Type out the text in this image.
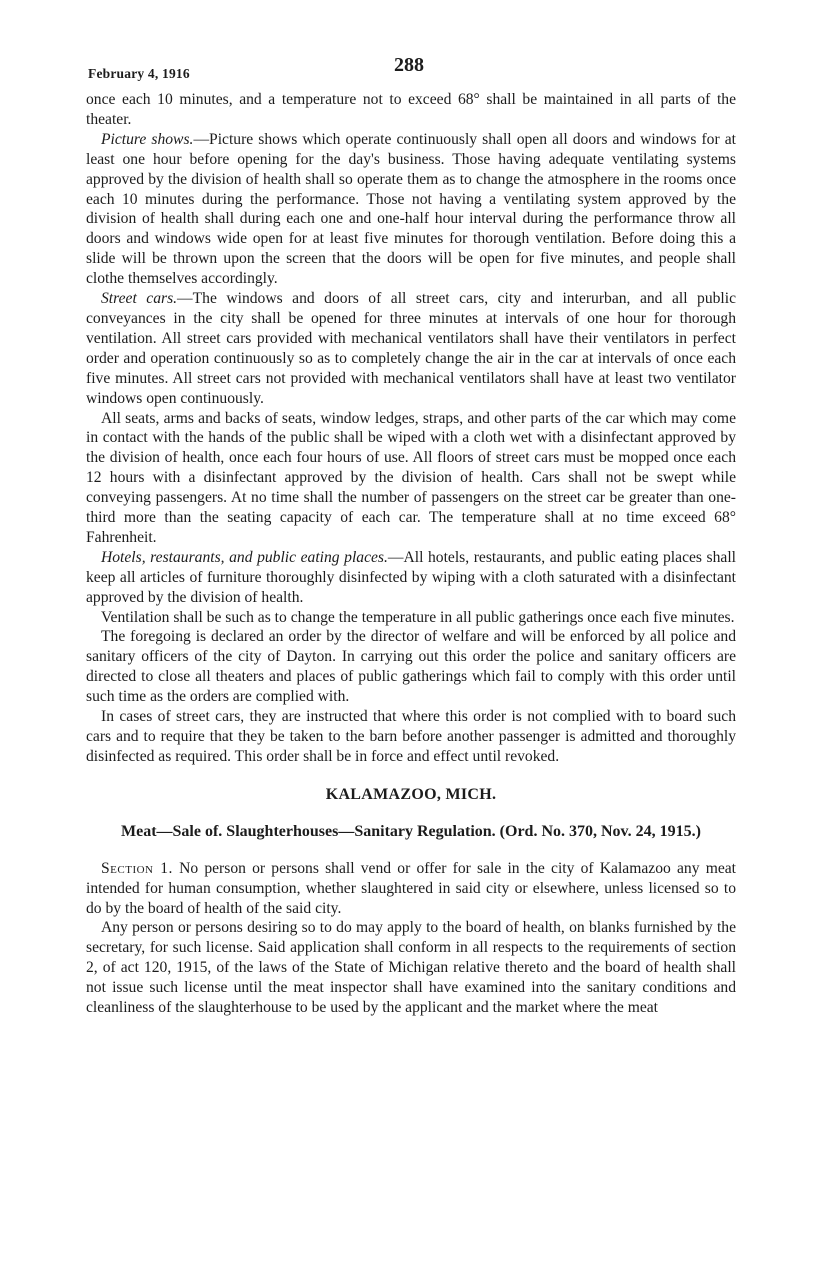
February 4, 1916	288

once each 10 minutes, and a temperature not to exceed 68° shall be maintained in all parts of the theater.

Picture shows.—Picture shows which operate continuously shall open all doors and windows for at least one hour before opening for the day's business. Those having adequate ventilating systems approved by the division of health shall so operate them as to change the atmosphere in the rooms once each 10 minutes during the performance. Those not having a ventilating system approved by the division of health shall during each one and one-half hour interval during the performance throw all doors and windows wide open for at least five minutes for thorough ventilation. Before doing this a slide will be thrown upon the screen that the doors will be open for five minutes, and people shall clothe themselves accordingly.

Street cars.—The windows and doors of all street cars, city and interurban, and all public conveyances in the city shall be opened for three minutes at intervals of one hour for thorough ventilation. All street cars provided with mechanical ventilators shall have their ventilators in perfect order and operation continuously so as to completely change the air in the car at intervals of once each five minutes. All street cars not provided with mechanical ventilators shall have at least two ventilator windows open continuously.

All seats, arms and backs of seats, window ledges, straps, and other parts of the car which may come in contact with the hands of the public shall be wiped with a cloth wet with a disinfectant approved by the division of health, once each four hours of use. All floors of street cars must be mopped once each 12 hours with a disinfectant approved by the division of health. Cars shall not be swept while conveying passengers. At no time shall the number of passengers on the street car be greater than one-third more than the seating capacity of each car. The temperature shall at no time exceed 68° Fahrenheit.

Hotels, restaurants, and public eating places.—All hotels, restaurants, and public eating places shall keep all articles of furniture thoroughly disinfected by wiping with a cloth saturated with a disinfectant approved by the division of health.

Ventilation shall be such as to change the temperature in all public gatherings once each five minutes.

The foregoing is declared an order by the director of welfare and will be enforced by all police and sanitary officers of the city of Dayton. In carrying out this order the police and sanitary officers are directed to close all theaters and places of public gatherings which fail to comply with this order until such time as the orders are complied with.

In cases of street cars, they are instructed that where this order is not complied with to board such cars and to require that they be taken to the barn before another passenger is admitted and thoroughly disinfected as required. This order shall be in force and effect until revoked.

KALAMAZOO, MICH.
Meat—Sale of. Slaughterhouses—Sanitary Regulation. (Ord. No. 370, Nov. 24, 1915.)

Section 1. No person or persons shall vend or offer for sale in the city of Kalamazoo any meat intended for human consumption, whether slaughtered in said city or elsewhere, unless licensed so to do by the board of health of the said city.

Any person or persons desiring so to do may apply to the board of health, on blanks furnished by the secretary, for such license. Said application shall conform in all respects to the requirements of section 2, of act 120, 1915, of the laws of the State of Michigan relative thereto and the board of health shall not issue such license until the meat inspector shall have examined into the sanitary conditions and cleanliness of the slaughterhouse to be used by the applicant and the market where the meat
